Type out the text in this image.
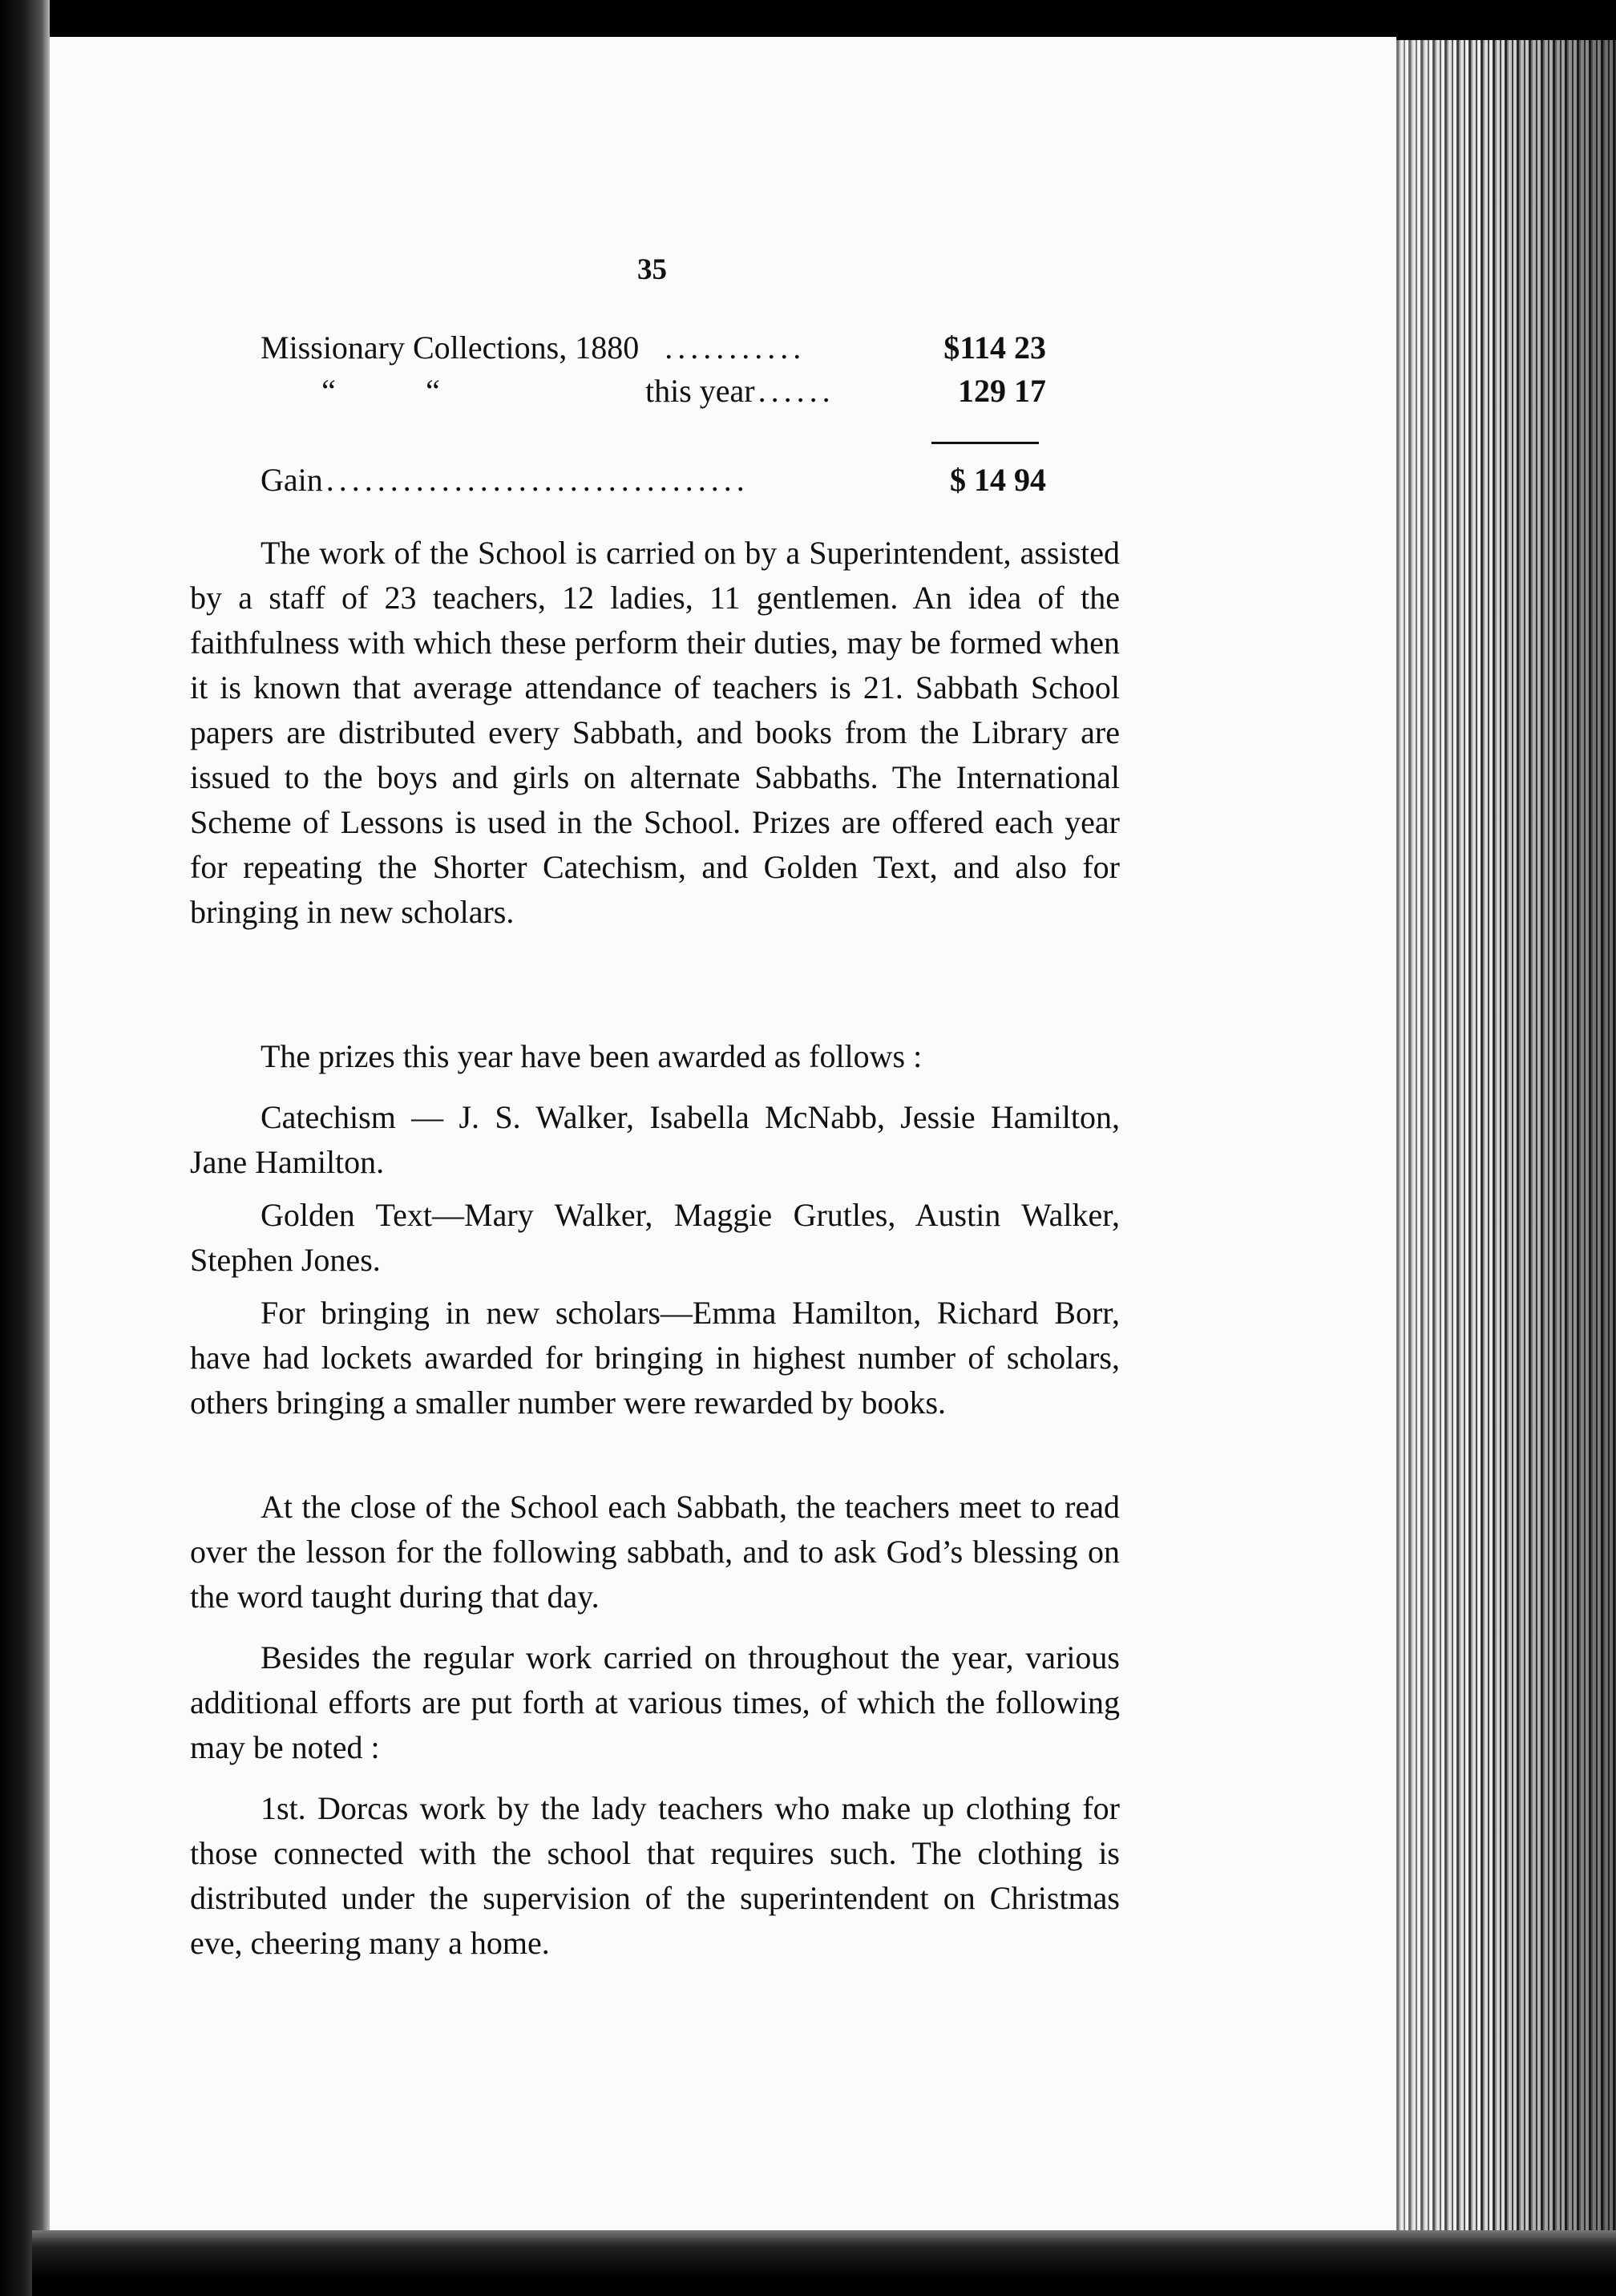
35
Missionary Collections, 1880 ...........	$114 23
“	“	this year ......	129 17
Gain .................................	$ 14 94

The work of the School is carried on by a Superintendent, assisted by a staff of 23 teachers, 12 ladies, 11 gentlemen. An idea of the faithfulness with which these perform their duties, may be formed when it is known that average attendance of teachers is 21. Sabbath School papers are distributed every Sabbath, and books from the Library are issued to the boys and girls on alternate Sabbaths. The International Scheme of Lessons is used in the School. Prizes are offered each year for repeating the Shorter Catechism, and Golden Text, and also for bringing in new scholars.

The prizes this year have been awarded as follows :

Catechism — J. S. Walker, Isabella McNabb, Jessie Hamilton, Jane Hamilton.

Golden Text—Mary Walker, Maggie Grutles, Austin Walker, Stephen Jones.

For bringing in new scholars—Emma Hamilton, Richard Borr, have had lockets awarded for bringing in highest number of scholars, others bringing a smaller number were rewarded by books.

At the close of the School each Sabbath, the teachers meet to read over the lesson for the following sabbath, and to ask God’s blessing on the word taught during that day.

Besides the regular work carried on throughout the year, various additional efforts are put forth at various times, of which the following may be noted :

1st. Dorcas work by the lady teachers who make up clothing for those connected with the school that requires such. The clothing is distributed under the supervision of the superintendent on Christmas eve, cheering many a home.
